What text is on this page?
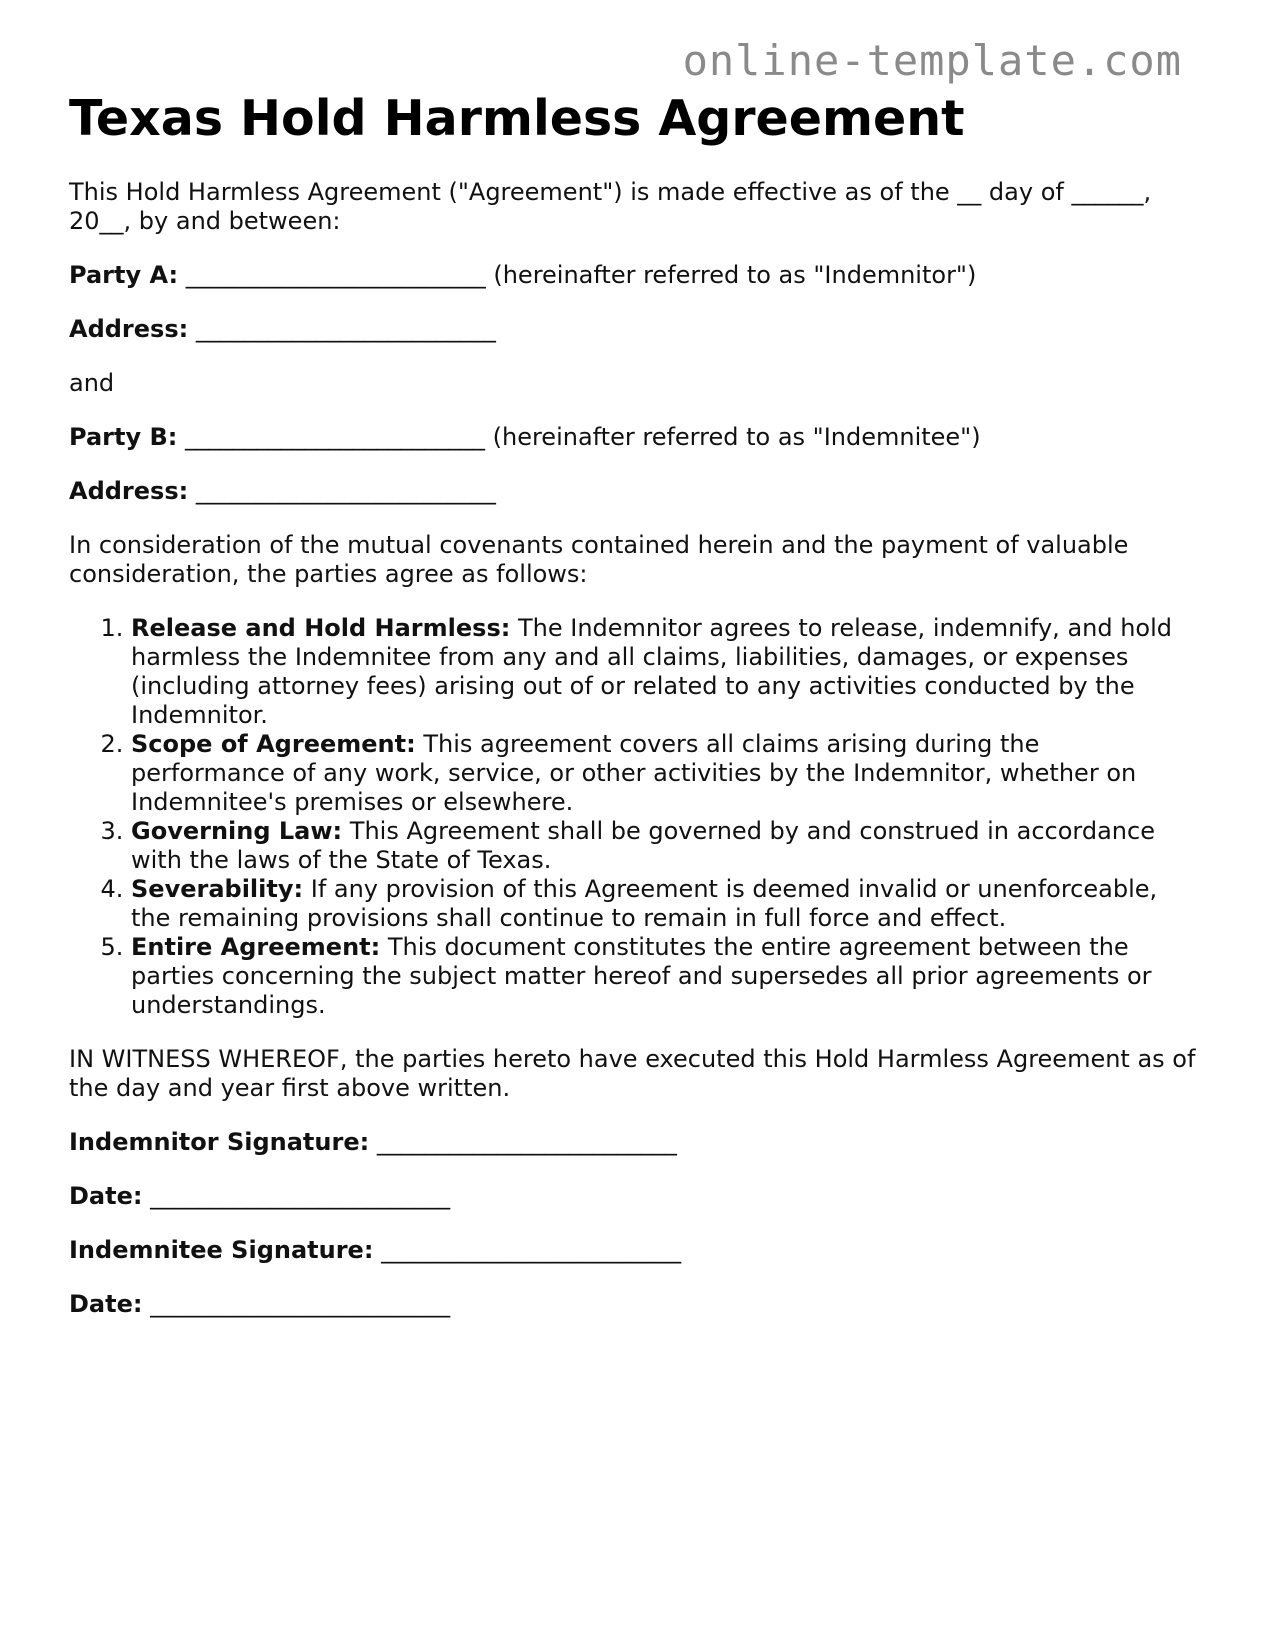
online-template.com
Texas Hold Harmless Agreement

This Hold Harmless Agreement ("Agreement") is made effective as of the __ day of ______, 20__, by and between:

Party A: _________________________ (hereinafter referred to as "Indemnitor")

Address: _________________________

and

Party B: _________________________ (hereinafter referred to as "Indemnitee")

Address: _________________________

In consideration of the mutual covenants contained herein and the payment of valuable consideration, the parties agree as follows:

1. Release and Hold Harmless: The Indemnitor agrees to release, indemnify, and hold harmless the Indemnitee from any and all claims, liabilities, damages, or expenses (including attorney fees) arising out of or related to any activities conducted by the Indemnitor.
2. Scope of Agreement: This agreement covers all claims arising during the performance of any work, service, or other activities by the Indemnitor, whether on Indemnitee's premises or elsewhere.
3. Governing Law: This Agreement shall be governed by and construed in accordance with the laws of the State of Texas.
4. Severability: If any provision of this Agreement is deemed invalid or unenforceable, the remaining provisions shall continue to remain in full force and effect.
5. Entire Agreement: This document constitutes the entire agreement between the parties concerning the subject matter hereof and supersedes all prior agreements or understandings.

IN WITNESS WHEREOF, the parties hereto have executed this Hold Harmless Agreement as of the day and year first above written.

Indemnitor Signature: _________________________

Date: _________________________

Indemnitee Signature: _________________________

Date: _________________________
